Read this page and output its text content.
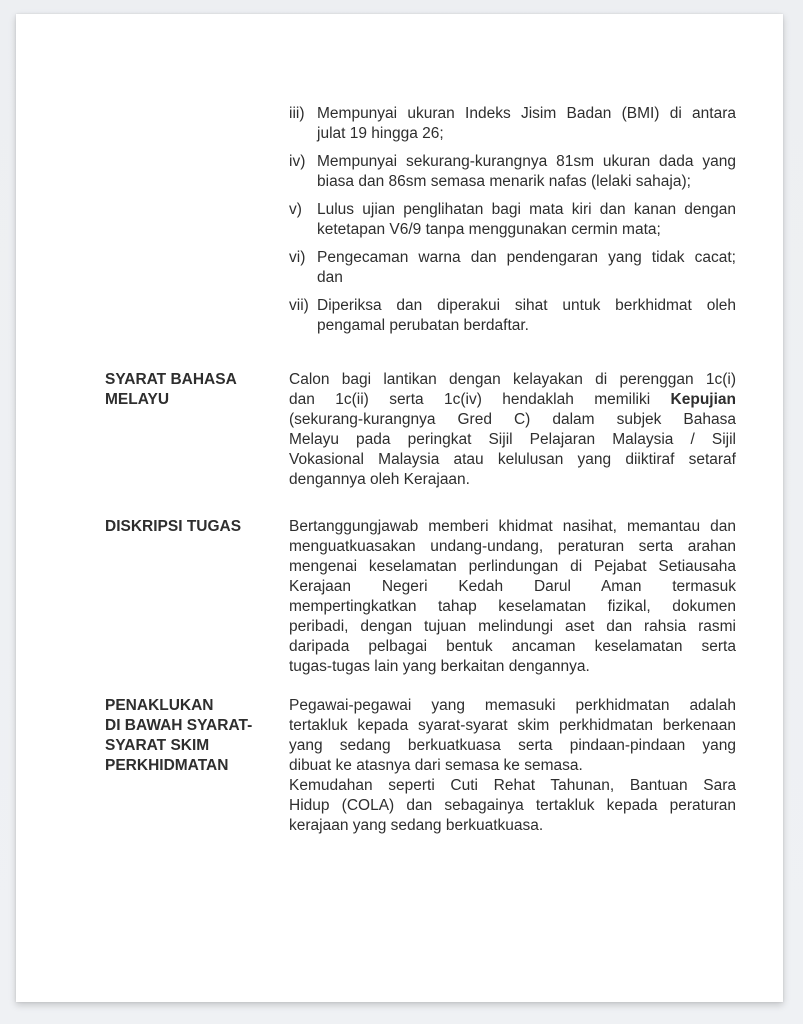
iii) Mempunyai ukuran Indeks Jisim Badan (BMI) di antara
julat 19 hingga 26;
iv) Mempunyai sekurang-kurangnya 81sm ukuran dada yang
biasa dan 86sm semasa menarik nafas (lelaki sahaja);
v) Lulus ujian penglihatan bagi mata kiri dan kanan dengan
ketetapan V6/9 tanpa menggunakan cermin mata;
vi) Pengecaman warna dan pendengaran yang tidak cacat;
dan
vii) Diperiksa dan diperakui sihat untuk berkhidmat oleh
pengamal perubatan berdaftar.
SYARAT BAHASA
MELAYU
Calon bagi lantikan dengan kelayakan di perenggan 1c(i)
dan 1c(ii) serta 1c(iv) hendaklah memiliki Kepujian
(sekurang-kurangnya Gred C) dalam subjek Bahasa
Melayu pada peringkat Sijil Pelajaran Malaysia / Sijil
Vokasional Malaysia atau kelulusan yang diiktiraf setaraf
dengannya oleh Kerajaan.
DISKRIPSI TUGAS	Bertanggungjawab memberi khidmat nasihat, memantau dan
menguatkuasakan undang-undang, peraturan serta arahan
mengenai keselamatan perlindungan di Pejabat Setiausaha
Kerajaan Negeri Kedah Darul Aman termasuk
mempertingkatkan tahap keselamatan fizikal, dokumen
peribadi, dengan tujuan melindungi aset dan rahsia rasmi
daripada pelbagai bentuk ancaman keselamatan serta
tugas-tugas lain yang berkaitan dengannya.
PENAKLUKAN
DI BAWAH SYARAT-
SYARAT SKIM
PERKHIDMATAN
Pegawai-pegawai yang memasuki perkhidmatan adalah
tertakluk kepada syarat-syarat skim perkhidmatan berkenaan
yang sedang berkuatkuasa serta pindaan-pindaan yang
dibuat ke atasnya dari semasa ke semasa.
Kemudahan seperti Cuti Rehat Tahunan, Bantuan Sara
Hidup (COLA) dan sebagainya tertakluk kepada peraturan
kerajaan yang sedang berkuatkuasa.
